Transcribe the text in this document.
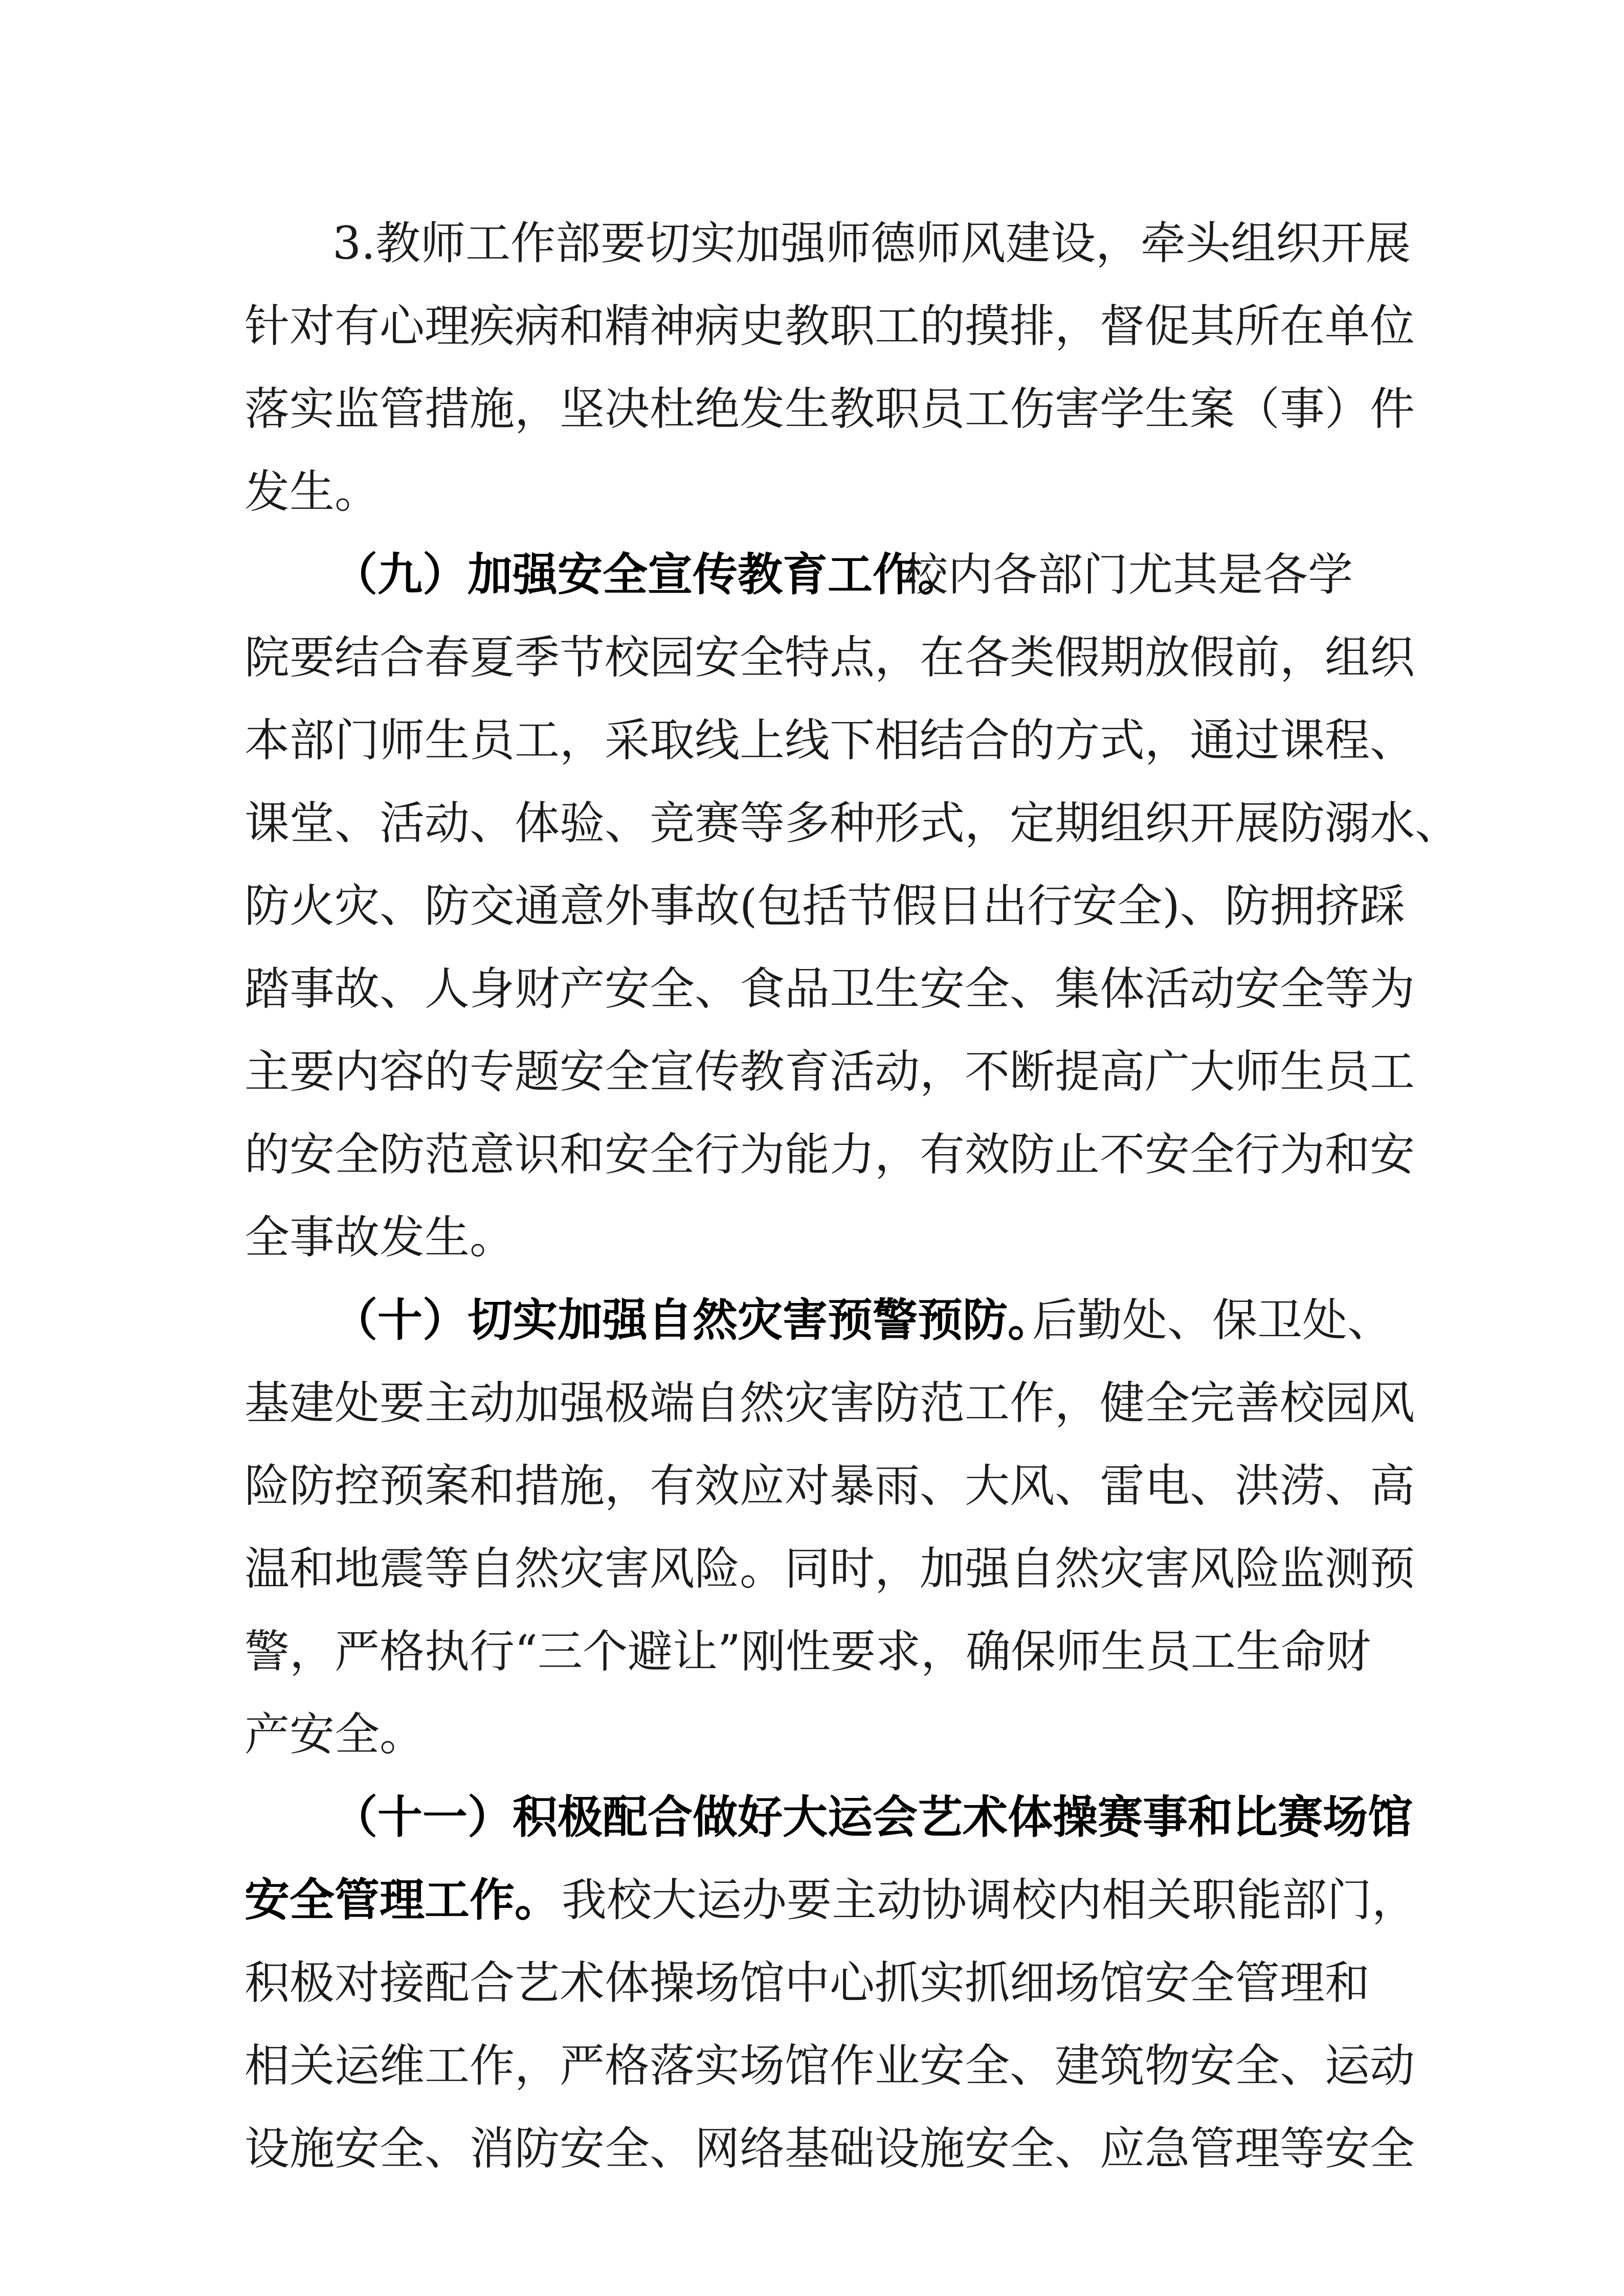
3.教师工作部要切实加强师德师风建设，牵头组织开展
针对有心理疾病和精神病史教职工的摸排，督促其所在单位
落实监管措施，坚决杜绝发生教职员工伤害学生案（事）件
发生。
（九）加强安全宣传教育工作。
校内各部门尤其是各学
院要结合春夏季节校园安全特点，在各类假期放假前，组织
本部门师生员工，采取线上线下相结合的方式，通过课程、
课堂、活动、体验、竞赛等多种形式，定期组织开展防溺水、
防火灾、防交通意外事故(包括节假日出行安全)、防拥挤踩
踏事故、人身财产安全、食品卫生安全、集体活动安全等为
主要内容的专题安全宣传教育活动，不断提高广大师生员工
的安全防范意识和安全行为能力，有效防止不安全行为和安
全事故发生。
（十）切实加强自然灾害预警预防。
后勤处、保卫处、
基建处要主动加强极端自然灾害防范工作，健全完善校园风
险防控预案和措施，有效应对暴雨、大风、雷电、洪涝、高
温和地震等自然灾害风险。同时，加强自然灾害风险监测预
警，严格执行“三个避让”刚性要求，确保师生员工生命财
产安全。
（十一）积极配合做好大运会艺术体操赛事和比赛场馆
安全管理工作。 我校大运办要主动协调校内相关职能部门，
积极对接配合艺术体操场馆中心抓实抓细场馆安全管理和
相关运维工作，严格落实场馆作业安全、建筑物安全、运动
设施安全、消防安全、网络基础设施安全、应急管理等安全
